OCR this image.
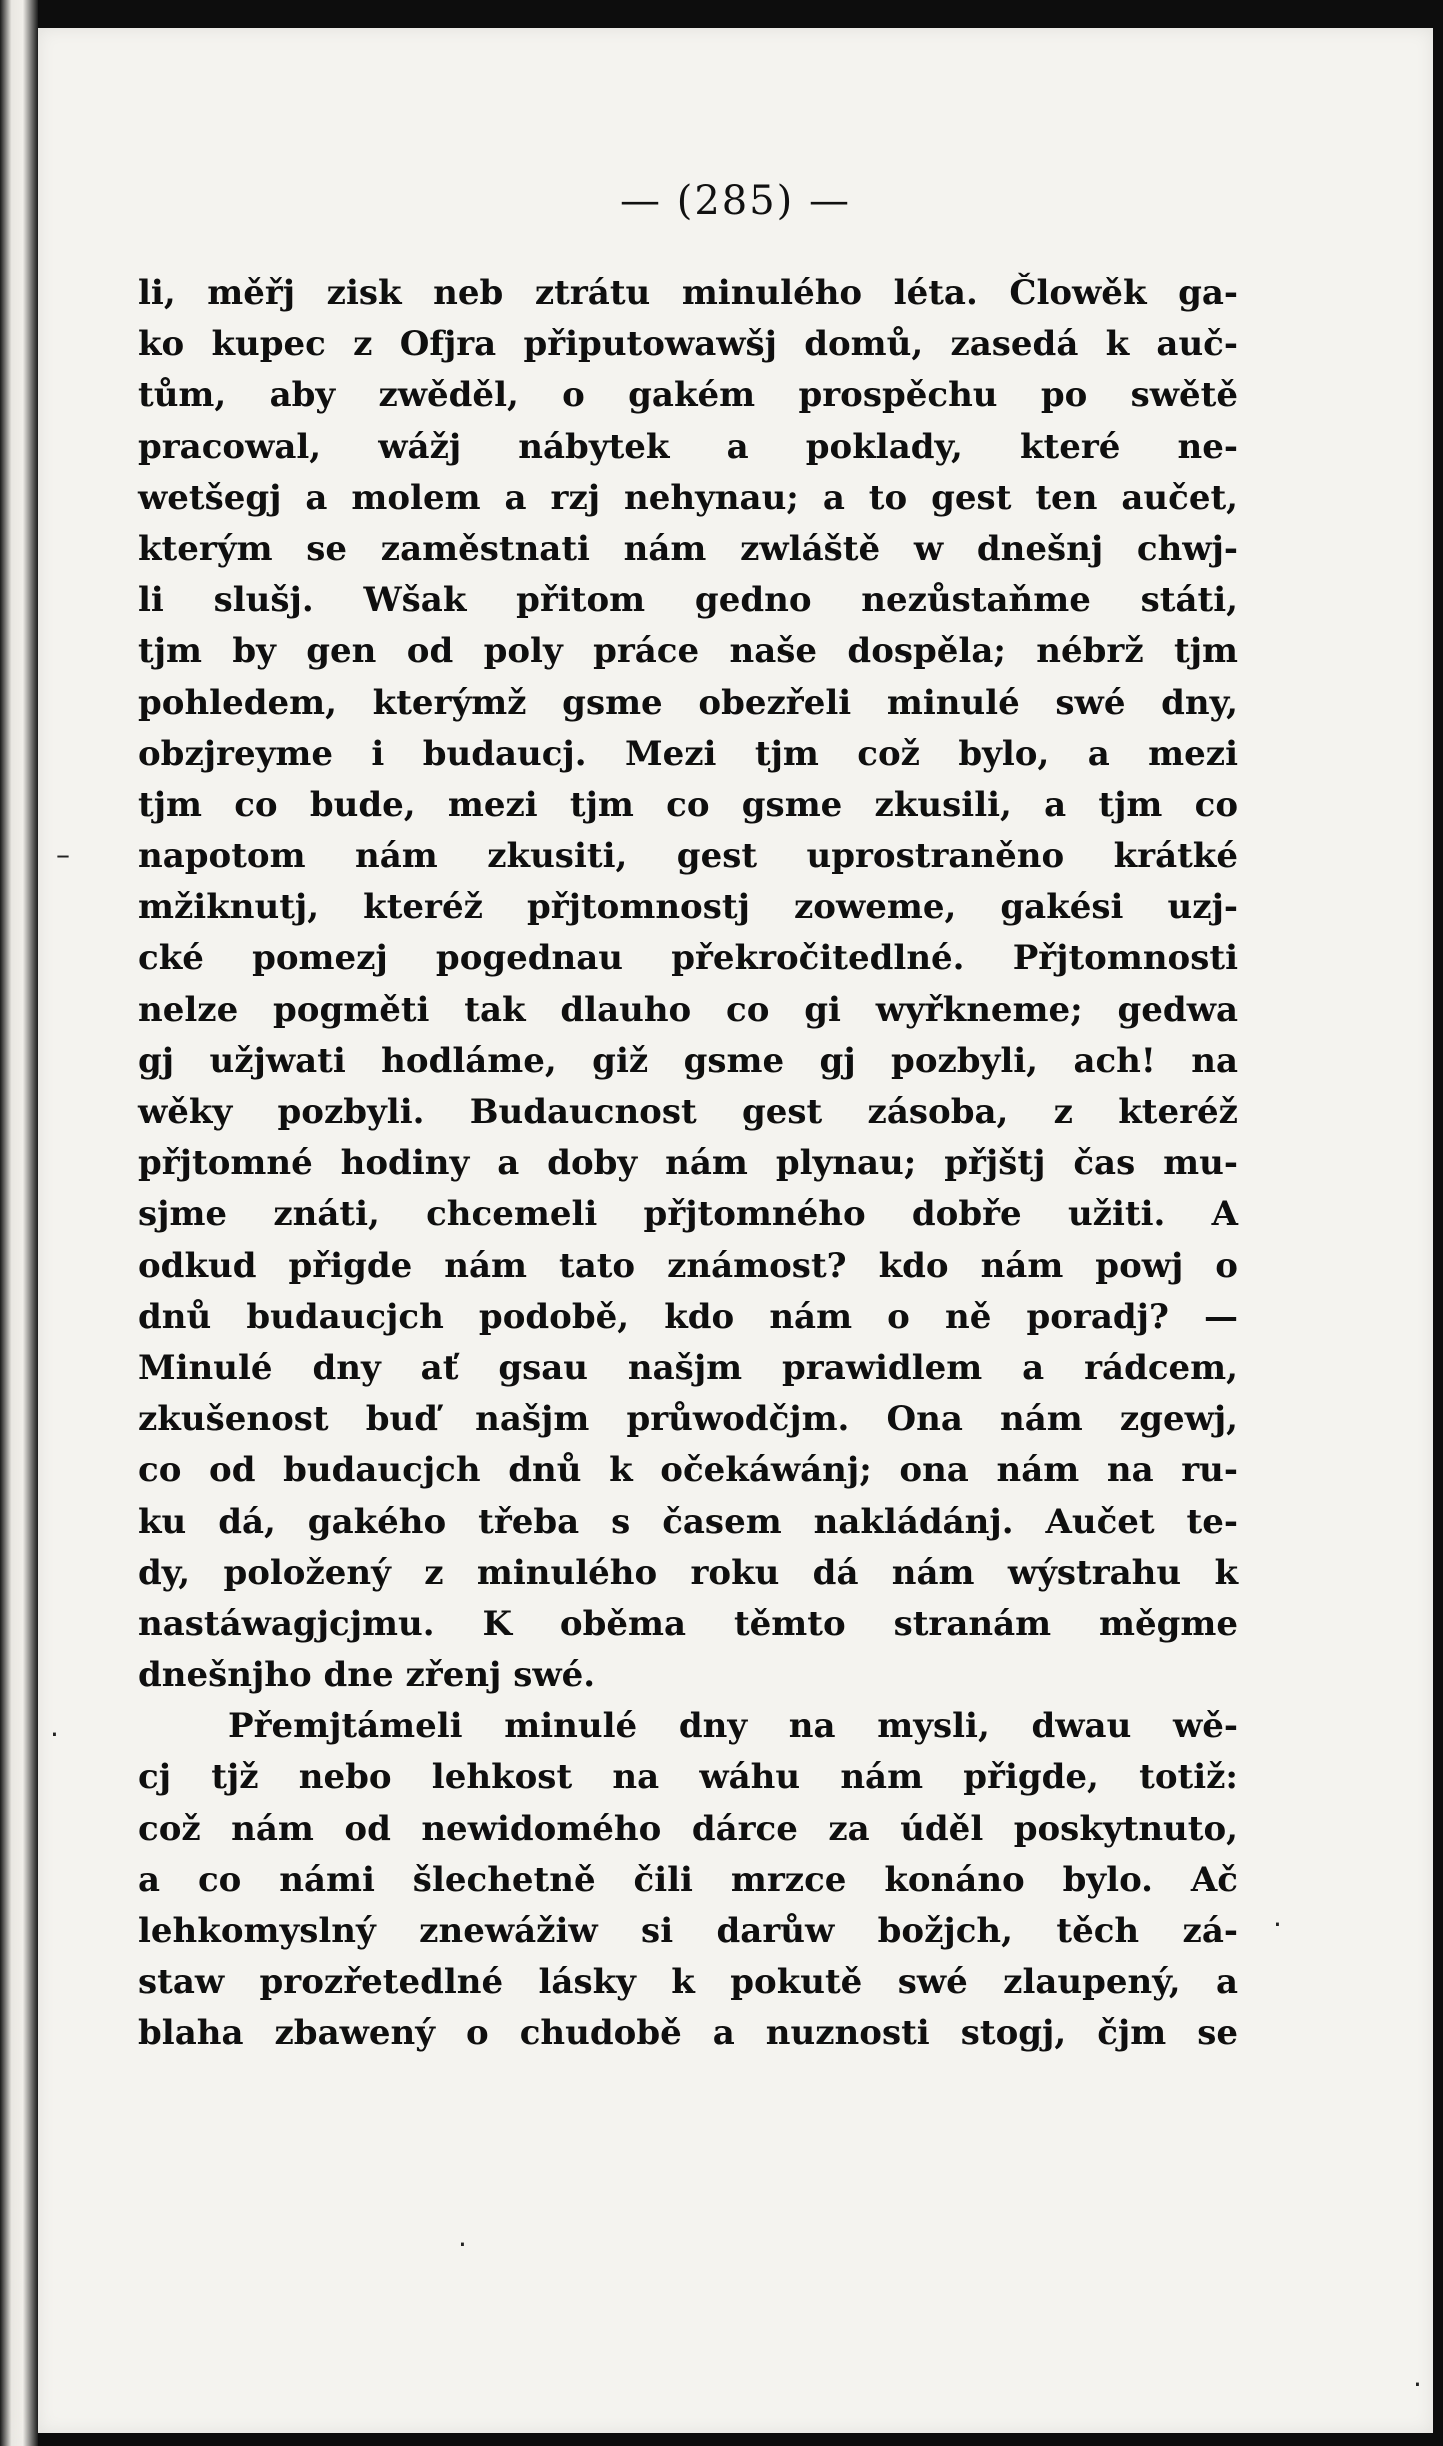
— (285) —
li, měřj zisk neb ztrátu minulého léta. Člowěk ga-
ko kupec z Ofjra připutowawšj domů, zasedá k auč-
tům, aby zwěděl, o gakém prospěchu po swětě
pracowal, wážj nábytek a poklady, které ne-
wetšegj a molem a rzj nehynau; a to gest ten aučet,
kterým se zaměstnati nám zwláště w dnešnj chwj-
li slušj. Wšak přitom gedno nezůstaňme státi,
tjm by gen od poly práce naše dospěla; nébrž tjm
pohledem, kterýmž gsme obezřeli minulé swé dny,
obzjreyme i budaucj. Mezi tjm což bylo, a mezi
tjm co bude, mezi tjm co gsme zkusili, a tjm co
napotom nám zkusiti, gest uprostraněno krátké
mžiknutj, kteréž přjtomnostj zoweme, gakési uzj-
cké pomezj pogednau překročitedlné. Přjtomnosti
nelze pogměti tak dlauho co gi wyřkneme; gedwa
gj užjwati hodláme, giž gsme gj pozbyli, ach! na
wěky pozbyli. Budaucnost gest zásoba, z kteréž
přjtomné hodiny a doby nám plynau; přjštj čas mu-
sjme znáti, chcemeli přjtomného dobře užiti. A
odkud přigde nám tato známost? kdo nám powj o
dnů budaucjch podobě, kdo nám o ně poradj? —
Minulé dny ať gsau našjm prawidlem a rádcem,
zkušenost buď našjm průwodčjm. Ona nám zgewj,
co od budaucjch dnů k očekáwánj; ona nám na ru-
ku dá, gakého třeba s časem nakládánj. Aučet te-
dy, položený z minulého roku dá nám wýstrahu k
nastáwagjcjmu. K oběma těmto stranám měgme
dnešnjho dne zřenj swé.
Přemjtámeli minulé dny na mysli, dwau wě-
cj tjž nebo lehkost na wáhu nám přigde, totiž:
což nám od newidomého dárce za úděl poskytnuto,
a co námi šlechetně čili mrzce konáno bylo. Ač
lehkomyslný znewážiw si darůw božjch, těch zá-
staw prozřetedlné lásky k pokutě swé zlaupený, a
blaha zbawený o chudobě a nuznosti stogj, čjm se
–
·
·
·
·
